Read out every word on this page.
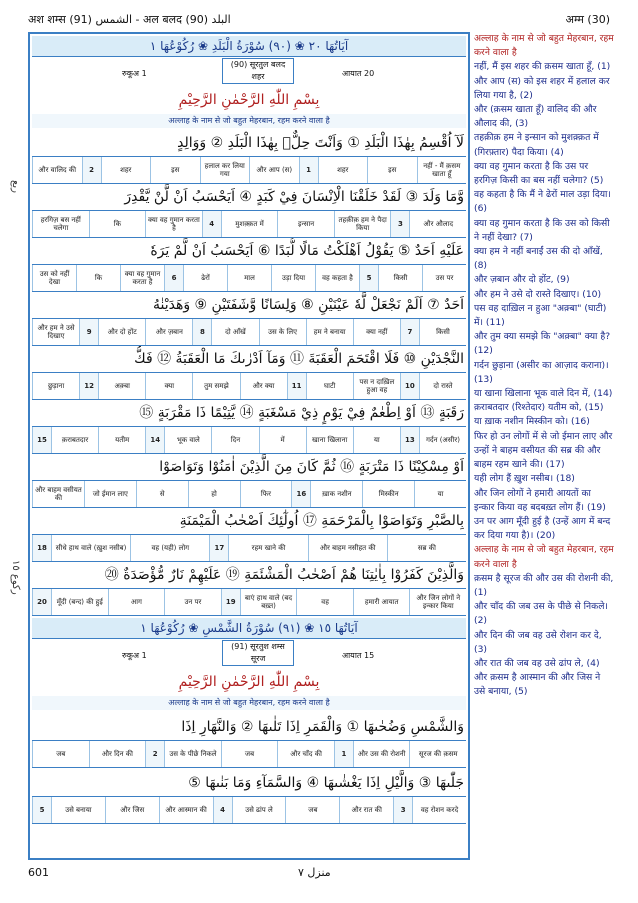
अश शम्स (91) الشمس - अल बलद (90) البلد	अम्म (30)
ربع
ركوع ١٥
آيَاتُهَا ٢٠ ❀ (٩٠) سُوْرَةُ الْبَلَدِ ❀ رُكُوْعُهَا ١
रुकूअ 1
(90) सूरतुल बलद
शहर	आयात 20
بِسْمِ اللّٰهِ الرَّحْمٰنِ الرَّحِيْمِ
अल्लाह के नाम से जो बहुत मेहरबान, रहम करने वाला है
لَآ اُقْسِمُ بِهٰذَا الْبَلَدِ ① وَاَنْتَ حِلٌّۢ بِهٰذَا الْبَلَدِ ② وَوَالِدٍ
और वालिद की	2	शहर	इस	हलाल कर लिया गया	और आप (स)	1	शहर	इस	नहीं - मैं क़सम खाता हूँ
وَّمَا وَلَدَ ③ لَقَدْ خَلَقْنَا الْاِنْسَانَ فِيْ كَبَدٍ ④ اَيَحْسَبُ اَنْ لَّنْ يَّقْدِرَ
हरगिज़ बस नहीं चलेगा	कि	क्या वह गुमान करता है	4	मुशक़्क़त में	इन्सान	तहक़ीक़ हम ने पैदा किया	3	और औलाद
عَلَيْهِ اَحَدٌ ⑤ يَقُوْلُ اَهْلَكْتُ مَالًا لُّبَدًا ⑥ اَيَحْسَبُ اَنْ لَّمْ يَرَهٗ
उस को नहीं देखा	कि	क्या वह गुमान करता है	6	ढेरों	माल	उड़ा दिया	वह कहता है	5	किसी	उस पर
اَحَدٌ ⑦ اَلَمْ نَجْعَلْ لَّهٗ عَيْنَيْنِ ⑧ وَلِسَانًا وَّشَفَتَيْنِ ⑨ وَهَدَيْنٰهُ
और हम ने उसे दिखाए	9	और दो होंट	और ज़बान	8	दो आँखें	उस के लिए	हम ने बनाया	क्या नहीं	7	किसी
النَّجْدَيْنِ ⑩ فَلَا اقْتَحَمَ الْعَقَبَةَ ⑪ وَمَآ اَدْرٰىكَ مَا الْعَقَبَةُ ⑫ فَكُّ
छुड़ाना	12	अक़्बा	क्या	तुम समझे	और क्या	11	घाटी	पस न दाख़िल हुआ वह	10	दो रास्ते
رَقَبَةٍ ⑬ اَوْ اِطْعٰمٌ فِيْ يَوْمٍ ذِيْ مَسْغَبَةٍ ⑭ يَّتِيْمًا ذَا مَقْرَبَةٍ ⑮
15	क़राबतदार	यतीम	14	भूक वाले	दिन	में	खाना खिलाना	या	13	गर्दन (असीर)
اَوْ مِسْكِيْنًا ذَا مَتْرَبَةٍ ⑯ ثُمَّ كَانَ مِنَ الَّذِيْنَ اٰمَنُوْا وَتَوَاصَوْا
और बाहम वसीयत की	जो ईमान लाए	से	हो	फिर	16	ख़ाक नशीन	मिस्कीन	या
بِالصَّبْرِ وَتَوَاصَوْا بِالْمَرْحَمَةِ ⑰ اُولٰٓئِكَ اَصْحٰبُ الْمَيْمَنَةِ
18	सीधे हाथ वाले (ख़ुश नसीब)	वह (यही) लोग	17	रहम खाने की	और बाहम नसीहत की	सब्र की
وَالَّذِيْنَ كَفَرُوْا بِاٰيٰتِنَا هُمْ اَصْحٰبُ الْمَشْئَمَةِ ⑲ عَلَيْهِمْ نَارٌ مُّؤْصَدَةٌ ⑳
20	मूँदी (बन्द) की हुई	आग	उन पर	19	बाएं हाथ वाले (बद बख़्त)	वह	हमारी आयात	और जिन लोगों ने इन्कार किया
آيَاتُهَا ١٥ ❀ (٩١) سُوْرَةُ الشَّمْسِ ❀ رُكُوْعُهَا ١
रुकूअ 1
(91) सूरतुश शम्स
सूरज	आयात 15
بِسْمِ اللّٰهِ الرَّحْمٰنِ الرَّحِيْمِ
अल्लाह के नाम से जो बहुत मेहरबान, रहम करने वाला है
وَالشَّمْسِ وَضُحٰىهَا ① وَالْقَمَرِ اِذَا تَلٰىهَا ② وَالنَّهَارِ اِذَا
जब	और दिन की	2	उस के पीछे निकले	जब	और चाँद की	1	और उस की रोशनी	सूरज की क़सम
جَلّٰىهَا ③ وَالَّيْلِ اِذَا يَغْشٰىهَا ④ وَالسَّمَآءِ وَمَا بَنٰىهَا ⑤
5	उसे बनाया	और जिस	और आस्मान की	4	उसे ढांप ले	जब	और रात की	3	वह रोशन करदे

अल्लाह के नाम से जो बहुत मेहरबान, रहम करने वाला है

नहीं, मैं इस शहर की क़सम खाता हूँ, (1)

और आप (स) को इस शहर में हलाल कर लिया गया है, (2)

और (क़सम खाता हूँ) वालिद की और औलाद की, (3)

तहक़ीक़ हम ने इन्सान को मुशक़्क़त में (गिरफ़्तार) पैदा किया। (4)

क्या वह गुमान करता है कि उस पर हरगिज़ किसी का बस नहीं चलेगा? (5)

वह कहता है कि मैं ने ढेरों माल उड़ा दिया। (6)

क्या वह गुमान करता है कि उस को किसी ने नहीं देखा? (7)

क्या हम ने नहीं बनाईं उस की दो आँखें, (8)

और ज़बान और दो होंट, (9)

और हम ने उसे दो रास्ते दिखाए। (10)

पस वह दाख़िल न हुआ "अक़्बा" (घाटी) में। (11)

और तुम क्या समझे कि "अक़्बा" क्या है? (12)

गर्दन छुड़ाना (असीर का आज़ाद कराना)। (13)

या खाना खिलाना भूक वाले दिन में, (14)

क़राबतदार (रिश्तेदार) यतीम को, (15)

या ख़ाक नशीन मिस्कीन को। (16)

फिर हो उन लोगों में से जो ईमान लाए और उन्हों ने बाहम वसीयत की सब्र की और बाहम रहम खाने की। (17)

यही लोग हैं ख़ुश नसीब। (18)

और जिन लोगों ने हमारी आयतों का इन्कार किया वह बदबख़्त लोग हैं। (19)

उन पर आग मूँदी हुई है (उन्हें आग में बन्द कर दिया गया है)। (20)

अल्लाह के नाम से जो बहुत मेहरबान, रहम करने वाला है

क़सम है सूरज की और उस की रोशनी की, (1)

और चाँद की जब उस के पीछे से निकले। (2)

और दिन की जब वह उसे रोशन कर दे, (3)

और रात की जब वह उसे ढांप ले, (4)

और क़सम है आस्मान की और जिस ने उसे बनाया, (5)

601	منزل ٧
